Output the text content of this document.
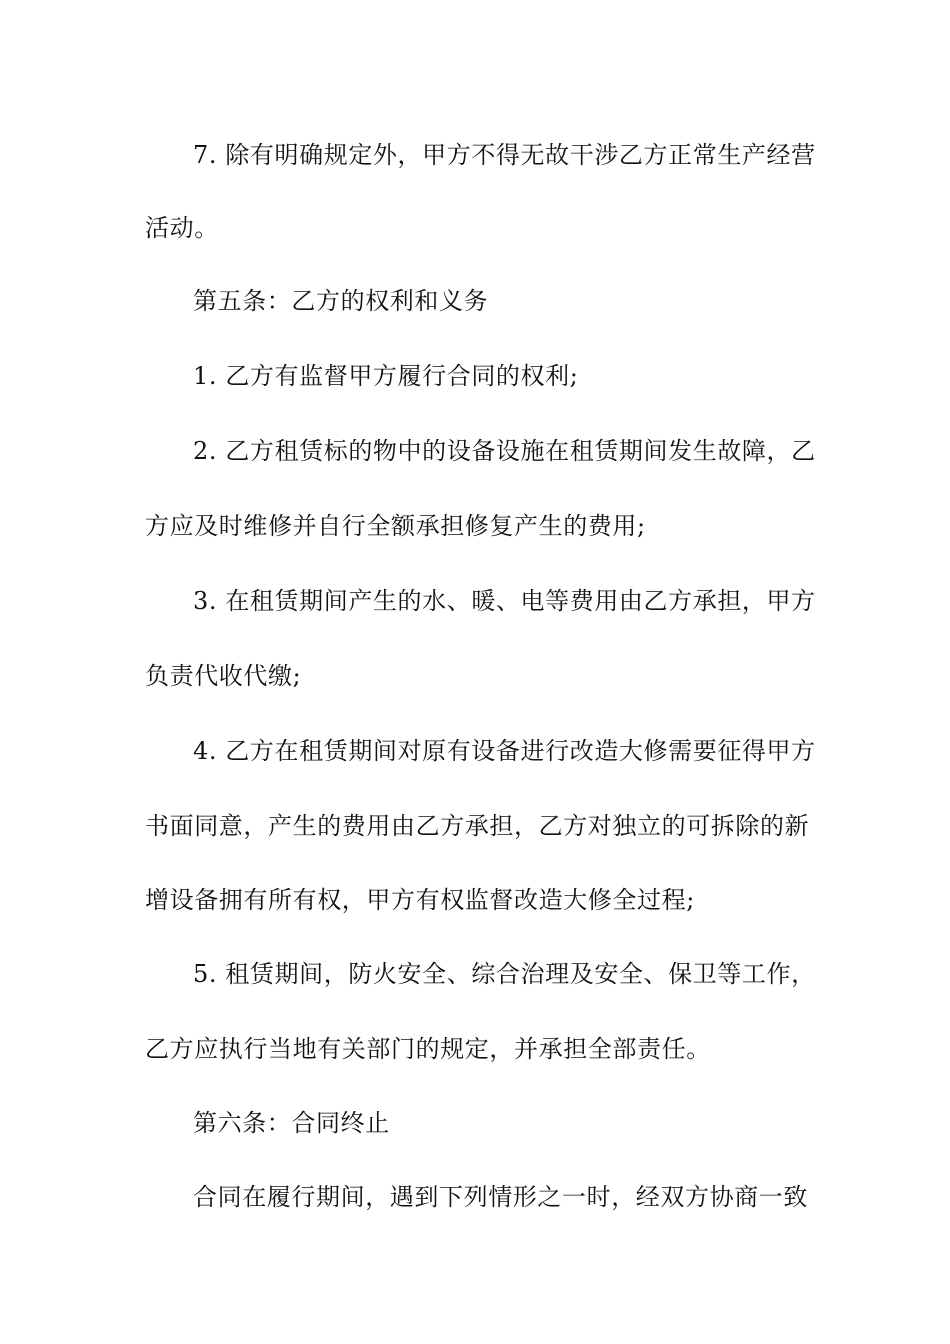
7. 除有明确规定外，甲方不得无故干涉乙方正常生产经营
活动。
第五条：乙方的权利和义务
1. 乙方有监督甲方履行合同的权利;
2. 乙方租赁标的物中的设备设施在租赁期间发生故障，乙
方应及时维修并自行全额承担修复产生的费用;
3. 在租赁期间产生的水、暖、电等费用由乙方承担，甲方
负责代收代缴;
4. 乙方在租赁期间对原有设备进行改造大修需要征得甲方
书面同意，产生的费用由乙方承担，乙方对独立的可拆除的新
增设备拥有所有权，甲方有权监督改造大修全过程;
5. 租赁期间，防火安全、综合治理及安全、保卫等工作，
乙方应执行当地有关部门的规定，并承担全部责任。
第六条：合同终止
合同在履行期间，遇到下列情形之一时，经双方协商一致
